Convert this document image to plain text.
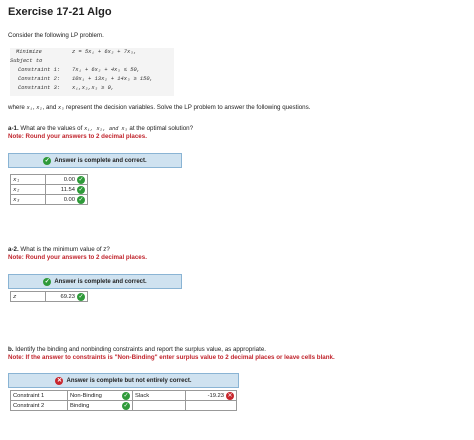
Exercise 17-21 Algo
Consider the following LP problem.
Minimize	z = 5x₁ + 6x₂ + 7x₃,
Subject to
Constraint 1:	7x₁ + 6x₂ + 4x₃ ≤ 50,
Constraint 2:	10x₁ + 13x₂ + 14x₃ ≥ 150,
Constraint 3:	x₁,x₂,x₃ ≥ 0,
where x₁, x₂, and x₃ represent the decision variables. Solve the LP problem to answer the following questions.
a-1. What are the values of x₁, x₂, and x₃ at the optimal solution?
Note: Round your answers to 2 decimal places.
✓ Answer is complete and correct.
x₁	0.00 ✓

x₂	11.54 ✓

x₃	0.00 ✓
a-2. What is the minimum value of z?
Note: Round your answers to 2 decimal places.
✓ Answer is complete and correct.
z	69.23 ✓
b. Identify the binding and nonbinding constraints and report the surplus value, as appropriate.
Note: If the answer to constraints is "Non-Binding" enter surplus value to 2 decimal places or leave cells blank.
✕ Answer is complete but not entirely correct.
Constraint 1	Non-Binding ✓	Slack	-19.23 ✕

Constraint 2	Binding ✓		
